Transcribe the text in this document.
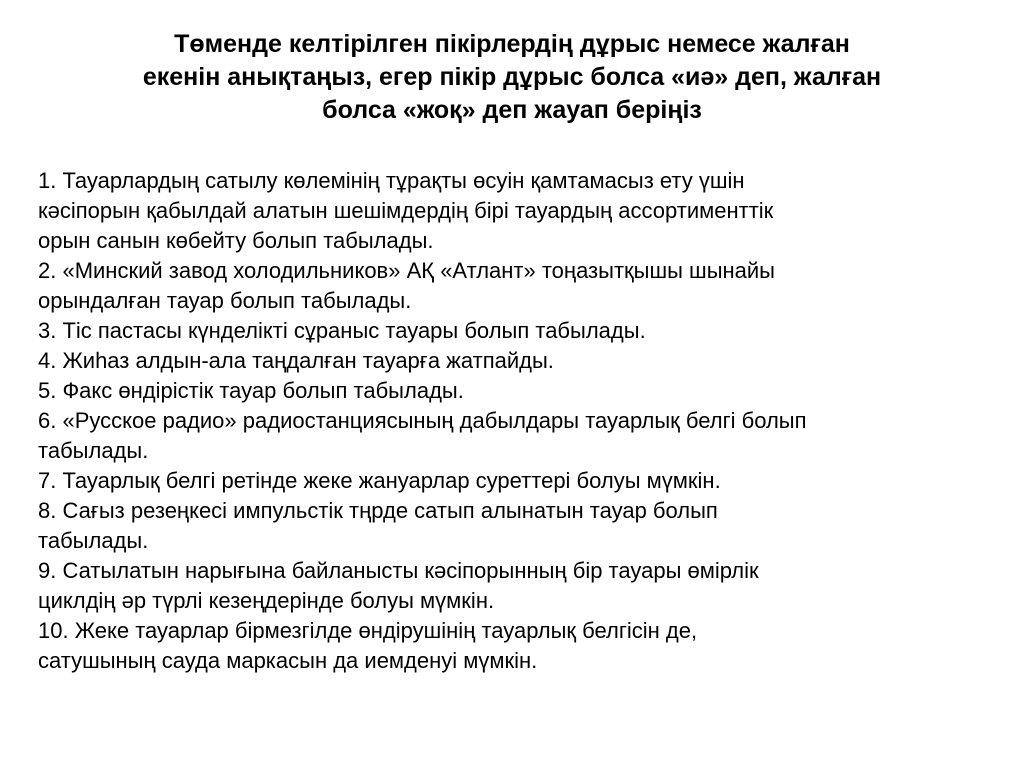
Төменде келтірілген пікірлердің дұрыс немесе жалған
екенін анықтаңыз, егер пікір дұрыс болса «иә» деп, жалған
болса «жоқ» деп жауап беріңіз
1. Тауарлардың сатылу көлемінің тұрақты өсуін қамтамасыз ету үшін
кәсіпорын қабылдай алатын шешімдердің бірі тауардың ассортименттік
орын санын көбейту болып табылады.
2. «Минский завод холодильников» АҚ «Атлант» тоңазытқышы шынайы
орындалған тауар болып табылады.
3. Тіс пастасы күнделікті сұраныс тауары болып табылады.
4. Жиһаз алдын-ала таңдалған тауарға жатпайды.
5. Факс өндірістік тауар болып табылады.
6. «Русское радио» радиостанциясының дабылдары тауарлық белгі болып
табылады.
7. Тауарлық белгі ретінде жеке жануарлар суреттері болуы мүмкін.
8. Сағыз резеңкесі импульстік тңрде сатып алынатын тауар болып
табылады.
9. Сатылатын нарығына байланысты кәсіпорынның бір тауары өмірлік
циклдің әр түрлі кезеңдерінде болуы мүмкін.
10. Жеке тауарлар бірмезгілде өндірушінің тауарлық белгісін де,
сатушының сауда маркасын да иемденуі мүмкін.
